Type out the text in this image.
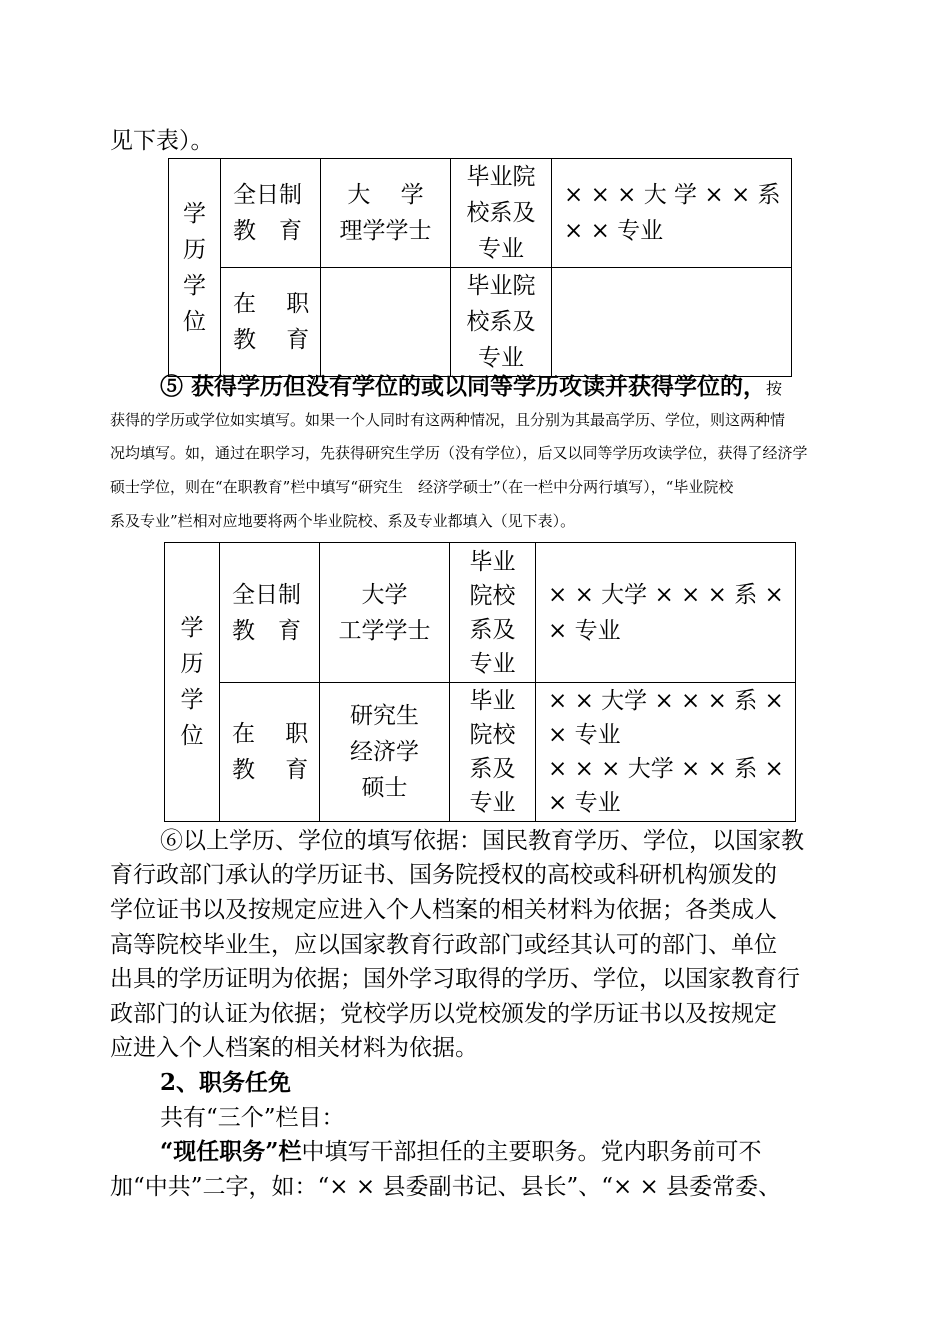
见下表）。
学
历
学
位	全日制
教　育	大　 学
理学学士	毕业院
校系及
专业	× × × 大 学 × × 系
× × 专业

	在　 职
教　 育		毕业院
校系及
专业	

⑤ 获得学历但没有学位的或以同等学历攻读并获得学位的，按
获得的学历或学位如实填写。如果一个人同时有这两种情况，且分别为其最高学历、学位，则这两种情
况均填写。如，通过在职学习，先获得研究生学历（没有学位），后又以同等学历攻读学位，获得了经济学
硕士学位，则在“在职教育”栏中填写“研究生　经济学硕士”（在一栏中分两行填写），“毕业院校
系及专业”栏相对应地要将两个毕业院校、系及专业都填入（见下表）。
学
历
学
位	全日制
教　育	大学
工学学士	毕业
院校
系及
专业	× × 大学 × × × 系 ×
× 专业

	在　 职
教　 育	研究生
经济学
硕士	毕业
院校
系及
专业	× × 大学 × × × 系 ×
× 专业
× × × 大学 × × 系 ×
× 专业
⑥以上学历、学位的填写依据：国民教育学历、学位，以国家教
育行政部门承认的学历证书、国务院授权的高校或科研机构颁发的
学位证书以及按规定应进入个人档案的相关材料为依据；各类成人
高等院校毕业生，应以国家教育行政部门或经其认可的部门、单位
出具的学历证明为依据；国外学习取得的学历、学位，以国家教育行
政部门的认证为依据；党校学历以党校颁发的学历证书以及按规定
应进入个人档案的相关材料为依据。
2、职务任免
共有“三个”栏目：
“现任职务”栏中填写干部担任的主要职务。党内职务前可不
加“中共”二字，如：“× × 县委副书记、县长”、“× × 县委常委、
